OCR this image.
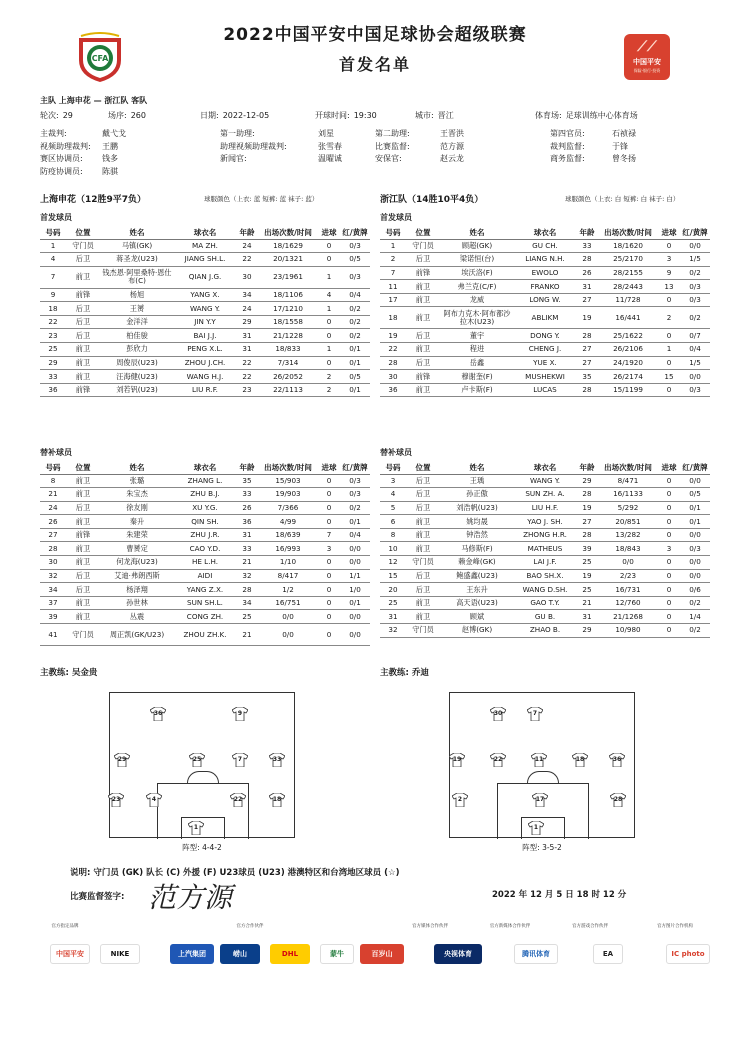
CFA
2022中国平安中国足球协会超级联赛
首发名单
⟋⟋
中国平安
保险·银行·投资
主队 上海申花 — 浙江队 客队
轮次: 29	场序: 260	日期: 2022-12-05	开球时间: 19:30	城市: 晋江	体育场: 足球训练中心体育场
主裁判:	戴弋戈	第一助理:	刘星	第二助理:	王晋洪	第四官员:	石祯禄
视频助理裁判: 王鹏	助理视频助理裁判:	张雪春	比赛监督:	范方源	裁判监督:	于锋
赛区协调员: 钱多	新闻官:	温曜诚	安保官:	赵云龙	商务监督:	曾冬扬
防疫协调员: 陈骐
上海申花（12胜9平7负）	球服颜色（上衣: 蓝 短裤: 蓝 袜子: 蓝）
首发球员
浙江队（14胜10平4负）	球服颜色（上衣: 白 短裤: 白 袜子: 白）
首发球员
号码	位置	姓名	球衣名	年龄	出场次数/时间	进球	红/黄牌
1	守门员	马镇(GK)	MA ZH.	24	18/1629	0	0/3
4	后卫	蒋圣龙(U23)	JIANG SH.L.	22	20/1321	0	0/5
7	前卫	钱杰恩·阿里桑特·恩仕布(C)	QIAN J.G.	30	23/1961	1	0/3
9	前锋	杨旭	YANG X.	34	18/1106	4	0/4
18	后卫	王赟	WANG Y.	24	17/1210	1	0/2
22	后卫	金洋洋	JIN Y.Y	29	18/1558	0	0/2
23	后卫	柏佳骏	BAI J.J.	31	21/1228	0	0/2
25	前卫	彭欣力	PENG X.L.	31	18/833	1	0/1
29	前卫	周俊辰(U23)	ZHOU J.CH.	22	7/314	0	0/1
33	前卫	汪海健(U23)	WANG H.J.	22	26/2052	2	0/5
36	前锋	刘若钒(U23)	LIU R.F.	23	22/1113	2	0/1
号码	位置	姓名	球衣名	年龄	出场次数/时间	进球	红/黄牌
1	守门员	顾超(GK)	GU CH.	33	18/1620	0	0/0
2	后卫	梁诺恒(台)	LIANG N.H.	28	25/2170	3	1/5
7	前锋	埃沃洛(F)	EWOLO	26	28/2155	9	0/2
11	前卫	弗兰克(C/F)	FRANKO	31	28/2443	13	0/3
17	前卫	龙威	LONG W.	27	11/728	0	0/3
18	前卫	阿布力克木·阿布都沙拉木(U23)	ABLIKM	19	16/441	2	0/2
19	后卫	董宇	DONG Y.	28	25/1622	0	0/7
22	前卫	程进	CHENG J.	27	26/2106	1	0/4
28	后卫	岳鑫	YUE X.	27	24/1920	0	1/5
30	前锋	穆谢奎(F)	MUSHEKWI	35	26/2174	15	0/0
36	前卫	卢卡斯(F)	LUCAS	28	15/1199	0	0/3
替补球员	替补球员
号码	位置	姓名	球衣名	年龄	出场次数/时间	进球	红/黄牌
8	前卫	张璐	ZHANG L.	35	15/903	0	0/3
21	前卫	朱宝杰	ZHU B.J.	33	19/903	0	0/3
24	后卫	徐友刚	XU Y.G.	26	7/366	0	0/2
26	前卫	秦升	QIN SH.	36	4/99	0	0/1
27	前锋	朱建荣	ZHU J.R.	31	18/639	7	0/4
28	前卫	曹赟定	CAO Y.D.	33	16/993	3	0/0
30	前卫	何龙海(U23)	HE L.H.	21	1/10	0	0/0
32	后卫	艾迪·弗朗西斯	AIDI	32	8/417	0	1/1
34	后卫	杨泽翔	YANG Z.X.	28	1/2	0	1/0
37	前卫	孙世林	SUN SH.L.	34	16/751	0	0/1
39	前卫	丛震	CONG ZH.	25	0/0	0	0/0
41	守门员	周正凯(GK/U23)	ZHOU ZH.K.	21	0/0	0	0/0
号码	位置	姓名	球衣名	年龄	出场次数/时间	进球	红/黄牌
3	后卫	王瑀	WANG Y.	29	8/471	0	0/0
4	后卫	孙正傲	SUN ZH. A.	28	16/1133	0	0/5
5	后卫	刘浩帆(U23)	LIU H.F.	19	5/292	0	0/1
6	前卫	姚均晟	YAO J. SH.	27	20/851	0	0/1
8	前卫	钟浩然	ZHONG H.R.	28	13/282	0	0/0
10	前卫	马修斯(F)	MATHEUS	39	18/843	3	0/3
12	守门员	赖金峰(GK)	LAI J.F.	25	0/0	0	0/0
15	后卫	鲍盛鑫(U23)	BAO SH.X.	19	2/23	0	0/0
20	后卫	王东升	WANG D.SH.	25	16/731	0	0/6
25	前卫	高天语(U23)	GAO T.Y.	21	12/760	0	0/2
31	前卫	顾斌	GU B.	31	21/1268	0	1/4
32	守门员	赵博(GK)	ZHAO B.	29	10/980	0	0/2
主教练: 吴金贵	主教练: 乔迪
36	9
29	33
7
25
23	4	22	18
1
阵型: 4-4-2
30	7
19	22	11	18	36
2	17	28
1
阵型: 3-5-2
说明: 守门员 (GK) 队长 (C) 外援 (F) U23球员 (U23) 港澳特区和台湾地区球员 (☆)
比赛监督签字: 范方源	2022 年 12 月 5 日 18 时 12 分
官方指定品牌	官方合作伙伴	官方媒体合作伙伴	官方新媒体合作伙伴	官方游戏合作伙伴	官方图片合作机构
中国平安	NIKE	上汽集团	崂山	DHL	蒙牛	百岁山	央视体育	腾讯体育	EA	IC photo
